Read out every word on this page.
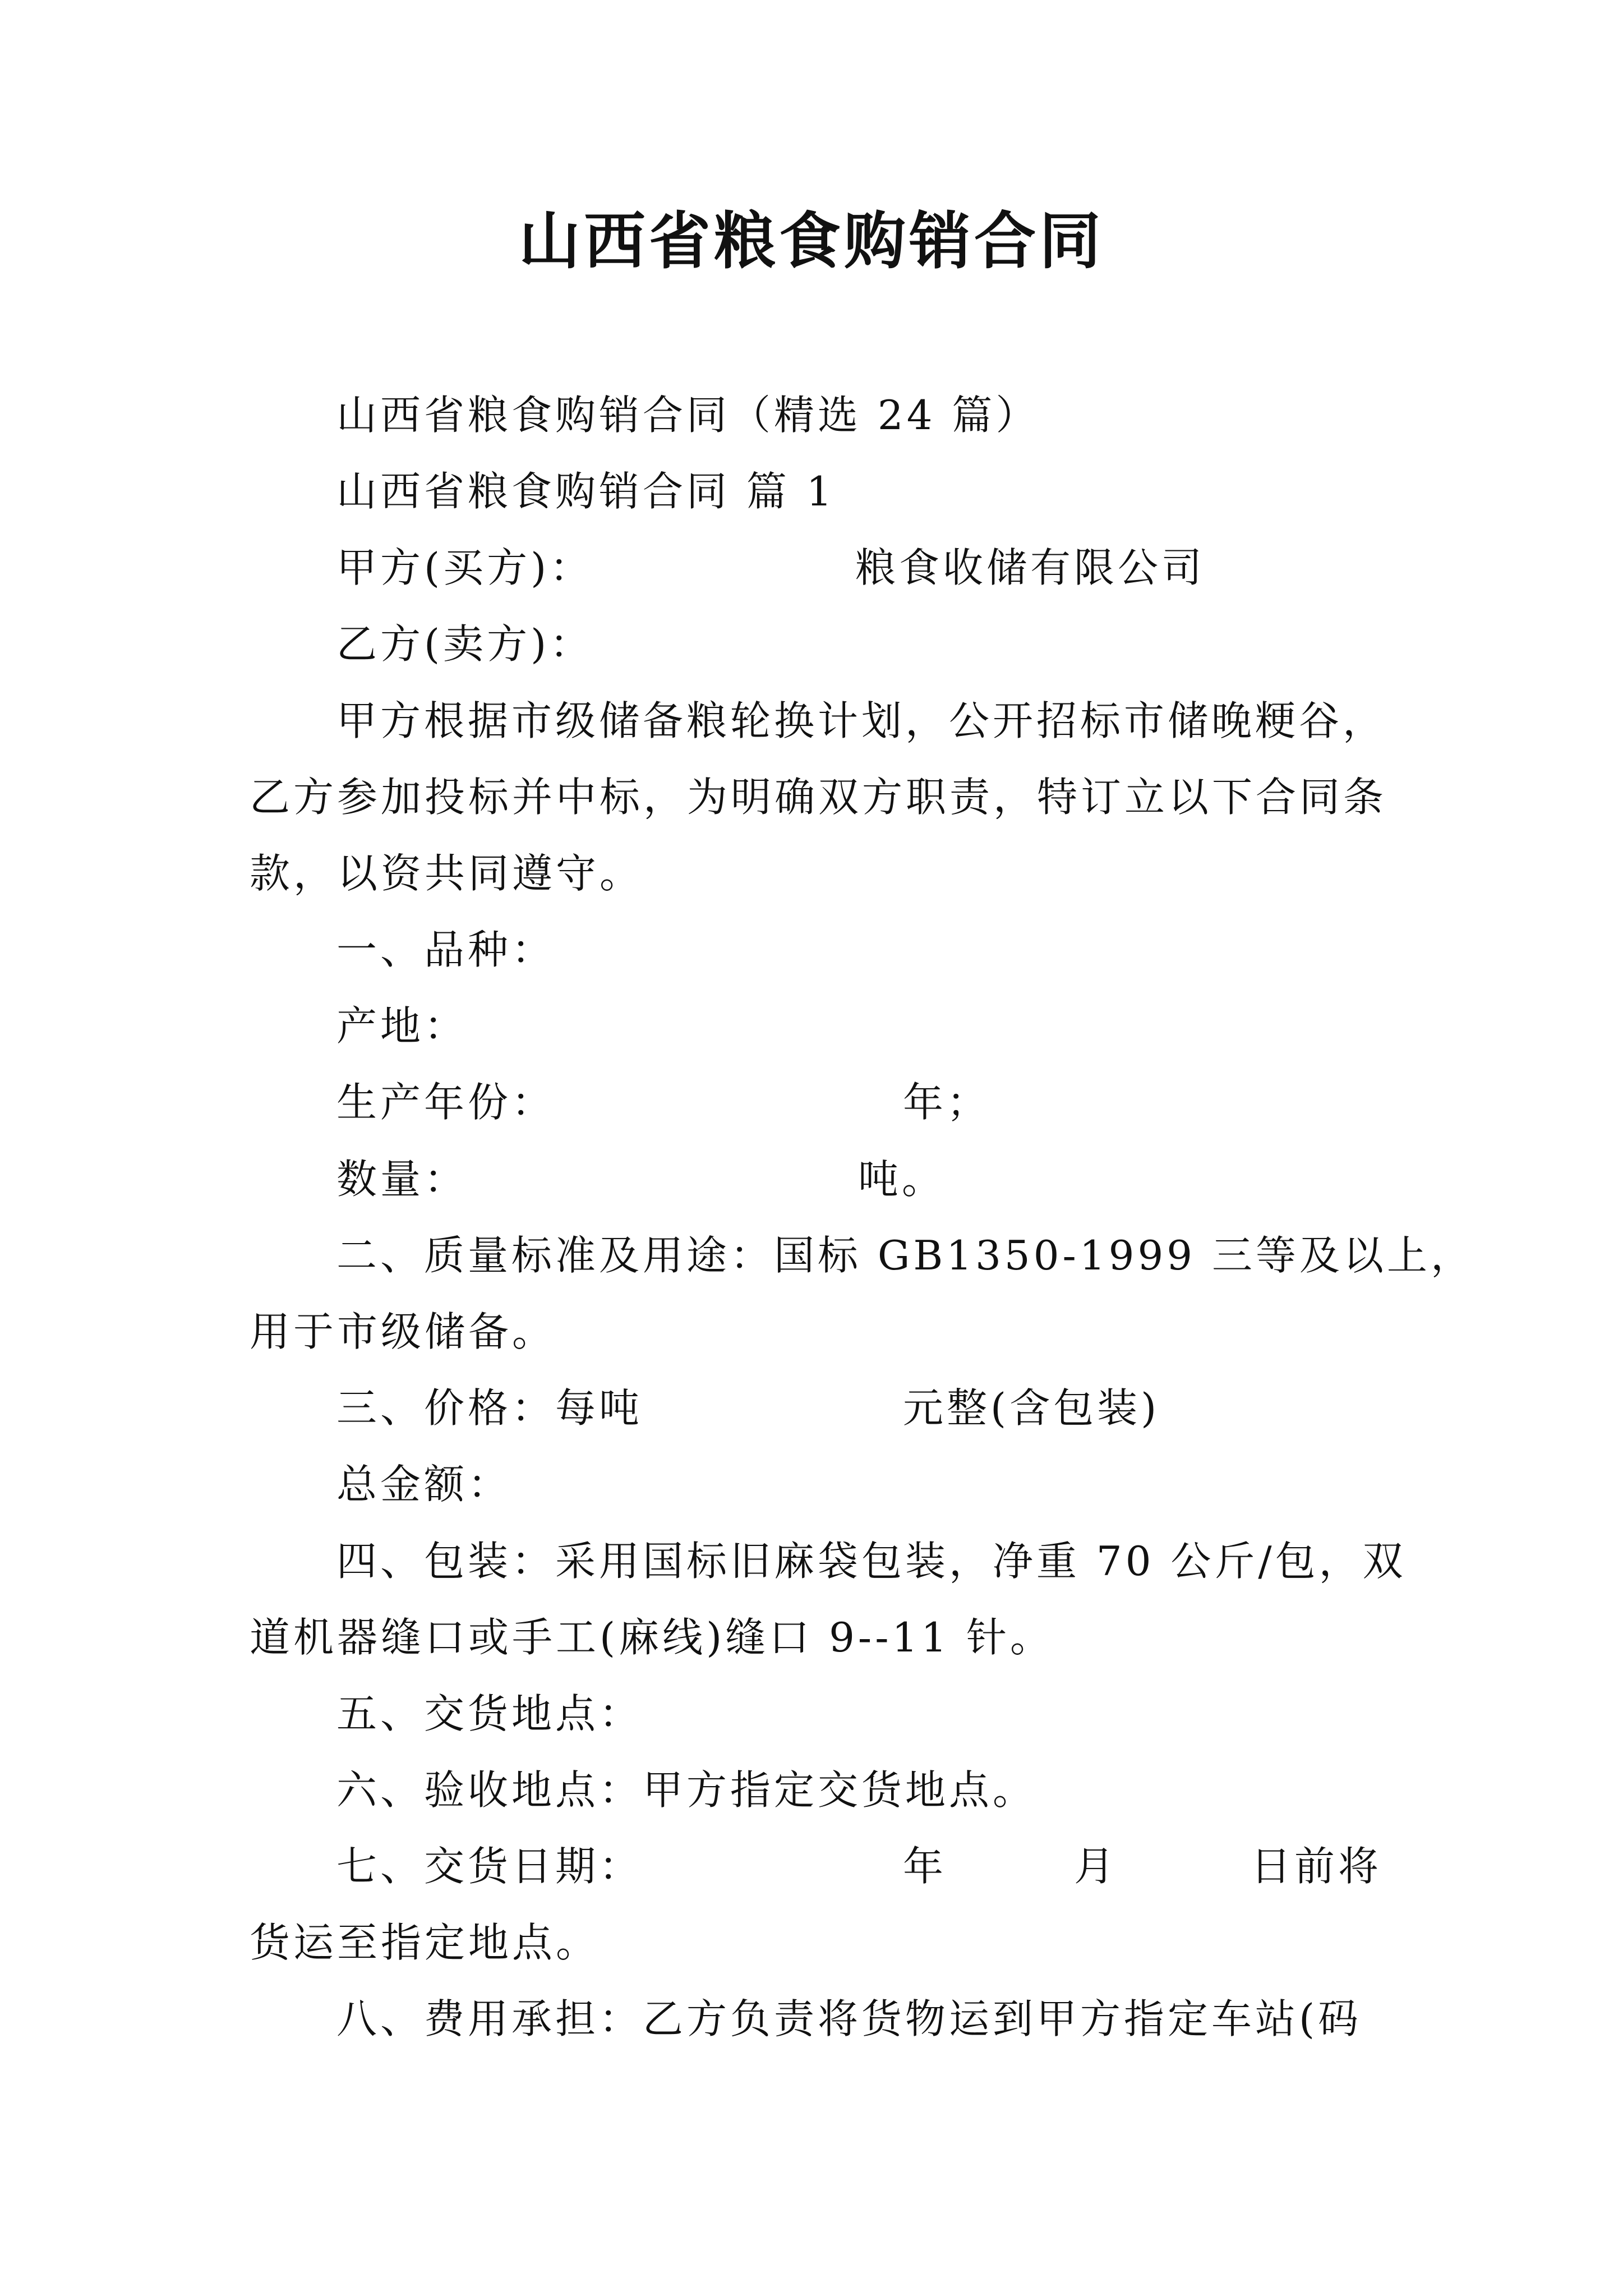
山西省粮食购销合同
山西省粮食购销合同（精选 24 篇）
山西省粮食购销合同 篇 1
甲方(买方)：	粮食收储有限公司
乙方(卖方)：
甲方根据市级储备粮轮换计划，公开招标市储晚粳谷，
乙方参加投标并中标，为明确双方职责，特订立以下合同条
款，以资共同遵守。
一、品种：
产地：
生产年份：	年；
数量：	吨。
二、质量标准及用途：国标 GB1350-1999 三等及以上，
用于市级储备。
三、价格：每吨	元整(含包装)
总金额：
四、包装：采用国标旧麻袋包装，净重 70 公斤/包，双
道机器缝口或手工(麻线)缝口 9--11 针。
五、交货地点：
六、验收地点：甲方指定交货地点。
七、交货日期：	年	月	日前将
货运至指定地点。
八、费用承担：乙方负责将货物运到甲方指定车站(码
